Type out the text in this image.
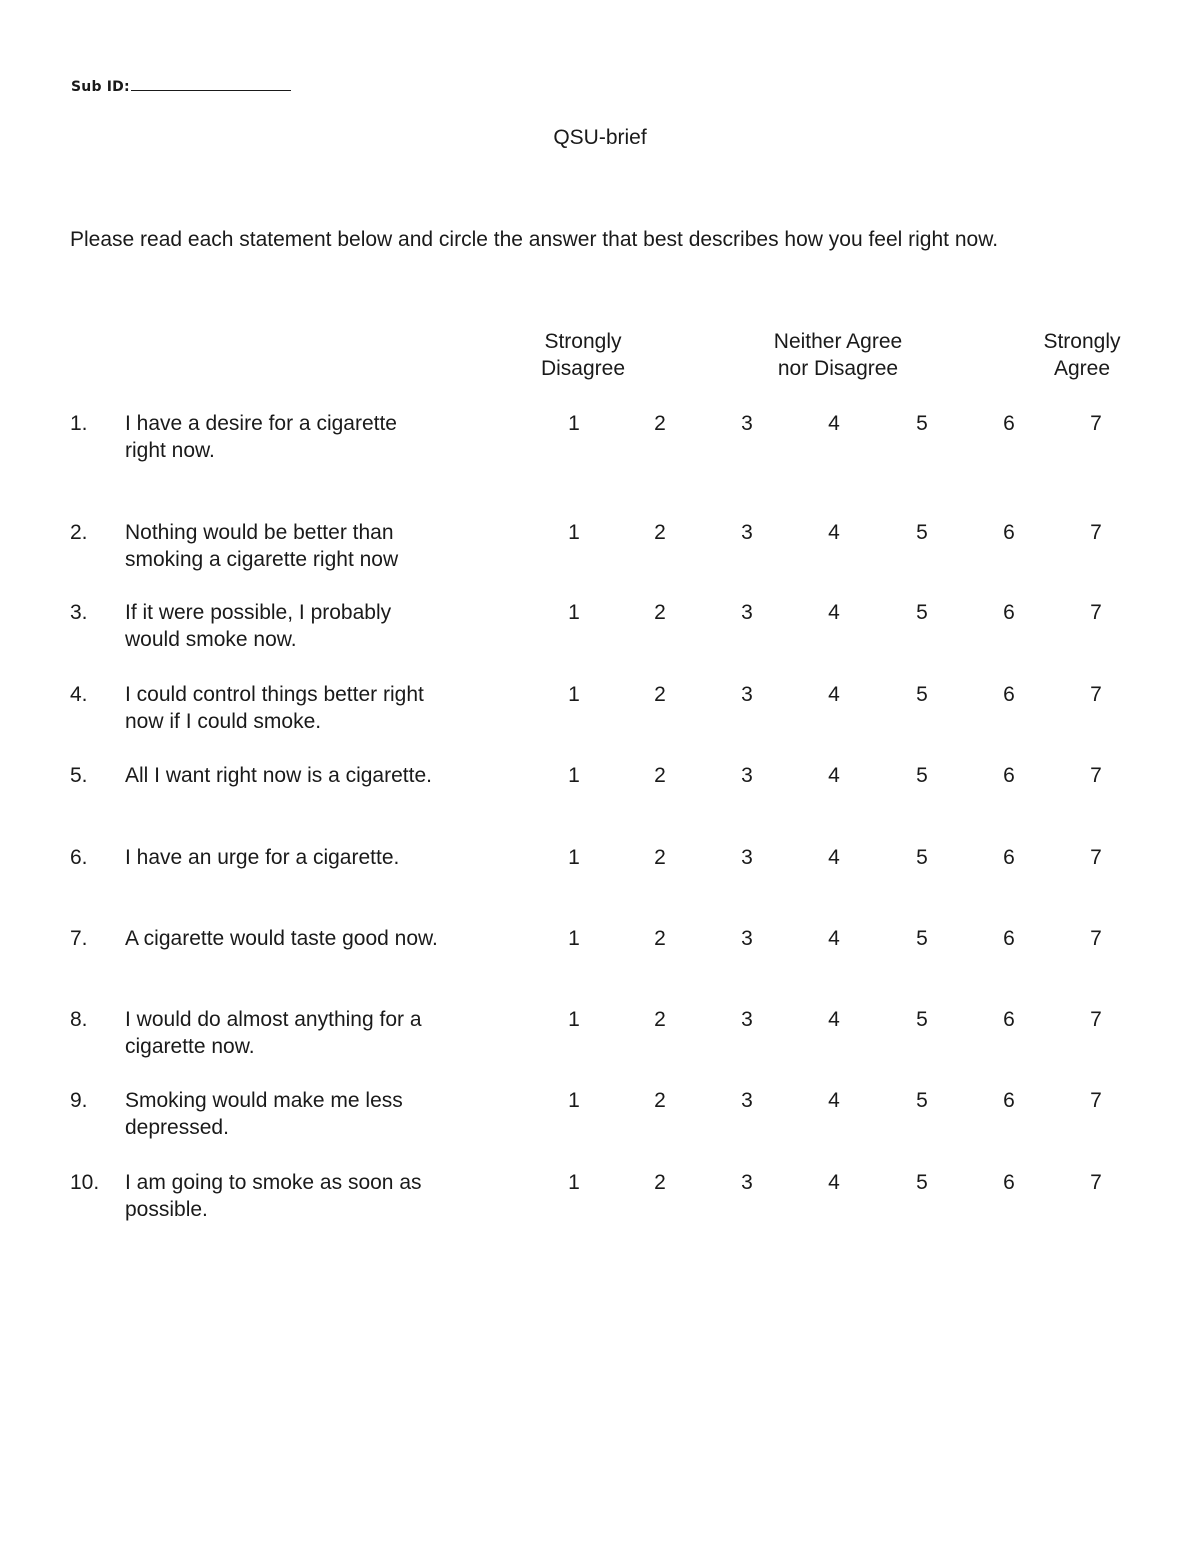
Sub ID:
QSU-brief
Please read each statement below and circle the answer that best describes how you feel right now.
Strongly
Disagree
Neither Agree
nor Disagree
Strongly
Agree
1. I have a desire for a cigarette
right now.
1	2	3	4	5	6	7
2. Nothing would be better than
smoking a cigarette right now
1	2	3	4	5	6	7
3. If it were possible, I probably
would smoke now.
1	2	3	4	5	6	7
4. I could control things better right
now if I could smoke.
1	2	3	4	5	6	7
5. All I want right now is a cigarette.	1	2	3	4	5	6	7
6. I have an urge for a cigarette.	1	2	3	4	5	6	7
7. A cigarette would taste good now.	1	2	3	4	5	6	7
8. I would do almost anything for a
cigarette now.
1	2	3	4	5	6	7
9. Smoking would make me less
depressed.
1	2	3	4	5	6	7
10. I am going to smoke as soon as
possible.
1	2	3	4	5	6	7
